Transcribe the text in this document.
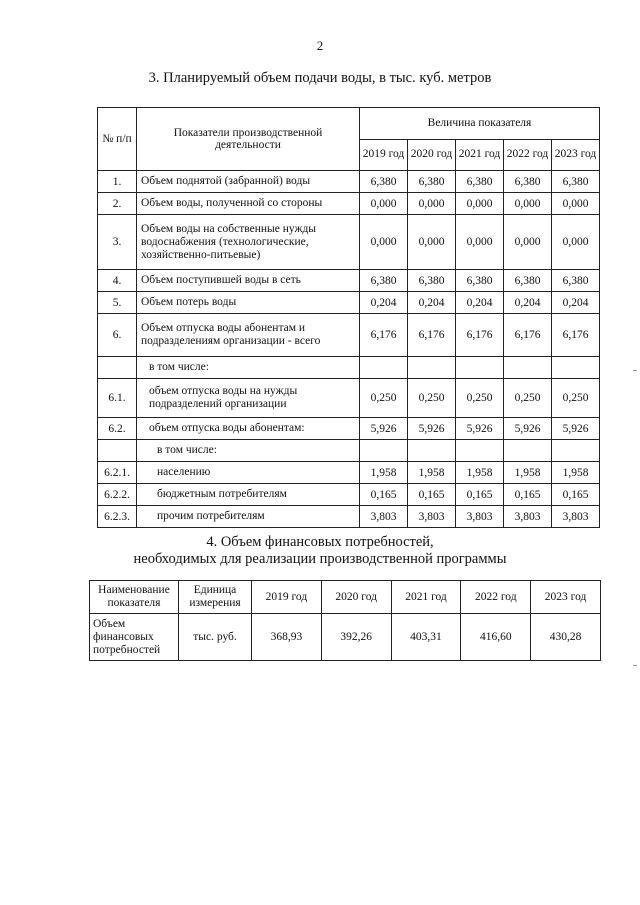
2
3. Планируемый объем подачи воды, в тыс. куб. метров
№ п/п	Показатели производственной деятельности	Величина показателя				
		2019 год	2020 год	2021 год	2022 год	2023 год
1.	Объем поднятой (забранной) воды	6,380	6,380	6,380	6,380	6,380
2.	Объем воды, полученной со стороны	0,000	0,000	0,000	0,000	0,000
3.	Объем воды на собственные нужды водоснабжения (технологические, хозяйственно-питьевые)	0,000	0,000	0,000	0,000	0,000
4.	Объем поступившей воды в сеть	6,380	6,380	6,380	6,380	6,380
5.	Объем потерь воды	0,204	0,204	0,204	0,204	0,204
6.	Объем отпуска воды абонентам и подразделениям организации - всего	6,176	6,176	6,176	6,176	6,176
	в том числе:					
6.1.	объем отпуска воды на нужды подразделений организации	0,250	0,250	0,250	0,250	0,250
6.2.	объем отпуска воды абонентам:	5,926	5,926	5,926	5,926	5,926
	в том числе:					
6.2.1.	населению	1,958	1,958	1,958	1,958	1,958
6.2.2.	бюджетным потребителям	0,165	0,165	0,165	0,165	0,165
6.2.3.	прочим потребителям	3,803	3,803	3,803	3,803	3,803
4. Объем финансовых потребностей,
необходимых для реализации производственной программы
Наименование показателя	Единица измерения	2019 год	2020 год	2021 год	2022 год	2023 год
Объем финансовых потребностей	тыс. руб.	368,93	392,26	403,31	416,60	430,28
